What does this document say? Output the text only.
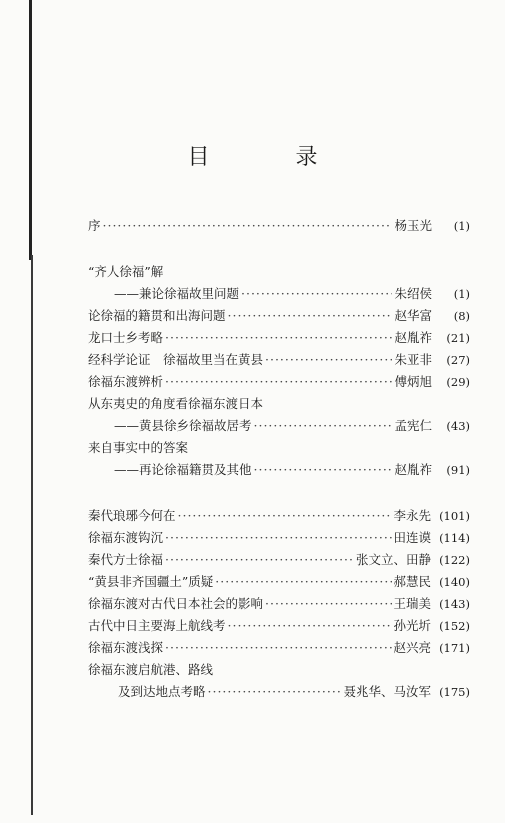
目　录
序 ·····	杨玉光	(1)
“齐人徐福”解
——兼论徐福故里问题 ·····	朱绍侯	(1)
论徐福的籍贯和出海问题 ·····	赵华富	(8)
龙口士乡考略 ·····	赵胤祚	(21)
经科学论证　徐福故里当在黄县 ·····	朱亚非	(27)
徐福东渡辨析 ·····	傅炳旭	(29)
从东夷史的角度看徐福东渡日本
——黄县徐乡徐福故居考 ·····	孟宪仁	(43)
来自事实中的答案
——再论徐福籍贯及其他 ·····	赵胤祚	(91)
秦代琅琊今何在 ·····	李永先 (101)
徐福东渡钩沉 ·····	田连谟 (114)
秦代方士徐福 ·····	张文立、田静 (122)
“黄县非齐国疆土”质疑 ·····	郝慧民 (140)
徐福东渡对古代日本社会的影响 ·····	王瑞美 (143)
古代中日主要海上航线考 ·····	孙光圻 (152)
徐福东渡浅探 ·····	赵兴亮 (171)
徐福东渡启航港、路线
及到达地点考略 ·····	聂兆华、马汝军 (175)
